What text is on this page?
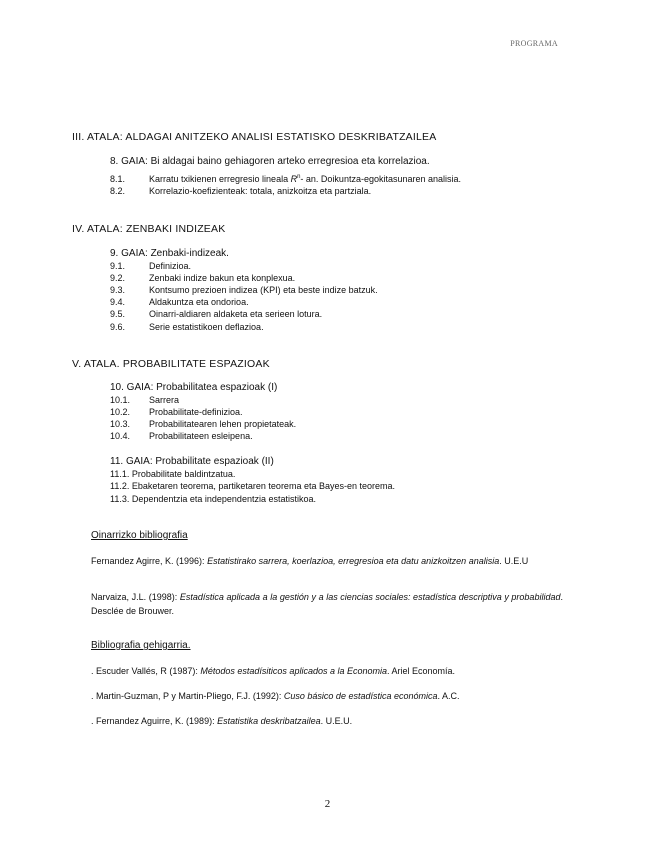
PROGRAMA
III. ATALA: ALDAGAI ANITZEKO ANALISI ESTATISKO DESKRIBATZAILEA
8. GAIA: Bi aldagai baino gehiagoren arteko erregresioa eta korrelazioa.
8.1.	Karratu txikienen erregresio lineala $R^n-$ an. Doikuntza-egokitasunaren analisia.
8.2.	Korrelazio-koefizienteak: totala, anizkoitza eta partziala.
IV. ATALA: ZENBAKI INDIZEAK
9. GAIA: Zenbaki-indizeak.
9.1.	Definizioa.
9.2.	Zenbaki indize bakun eta konplexua.
9.3.	Kontsumo prezioen indizea (KPI) eta beste indize batzuk.
9.4.	Aldakuntza eta ondorioa.
9.5.	Oinarri-aldiaren aldaketa eta serieen lotura.
9.6.	Serie estatistikoen deflazioa.
V. ATALA. PROBABILITATE ESPAZIOAK
10. GAIA: Probabilitatea espazioak (I)
10.1. Sarrera
10.2. Probabilitate-definizioa.
10.3. Probabilitatearen lehen propietateak.
10.4. Probabilitateen esleipena.
11. GAIA: Probabilitate espazioak (II)
11.1. Probabilitate baldintzatua.
11.2. Ebaketaren teorema, partiketaren teorema eta Bayes-en teorema.
11.3. Dependentzia eta independentzia estatistikoa.
Oinarrizko bibliografia
Fernandez Agirre, K. (1996): Estatistirako sarrera, koerlazioa, erregresioa eta datu anizkoitzen analisia. U.E.U
Narvaiza, J.L. (1998): Estadística aplicada a la gestión y a las ciencias sociales: estadística descriptiva y probabilidad. Desclée de Brouwer.
Bibliografia gehigarria.
. Escuder Vallés, R (1987): Métodos estadísiticos aplicados a la Economia. Ariel Economía.
. Martin-Guzman, P y Martin-Pliego, F.J. (1992): Cuso básico de estadística económica. A.C.
. Fernandez Aguirre, K. (1989): Estatistika deskribatzailea. U.E.U.
2
